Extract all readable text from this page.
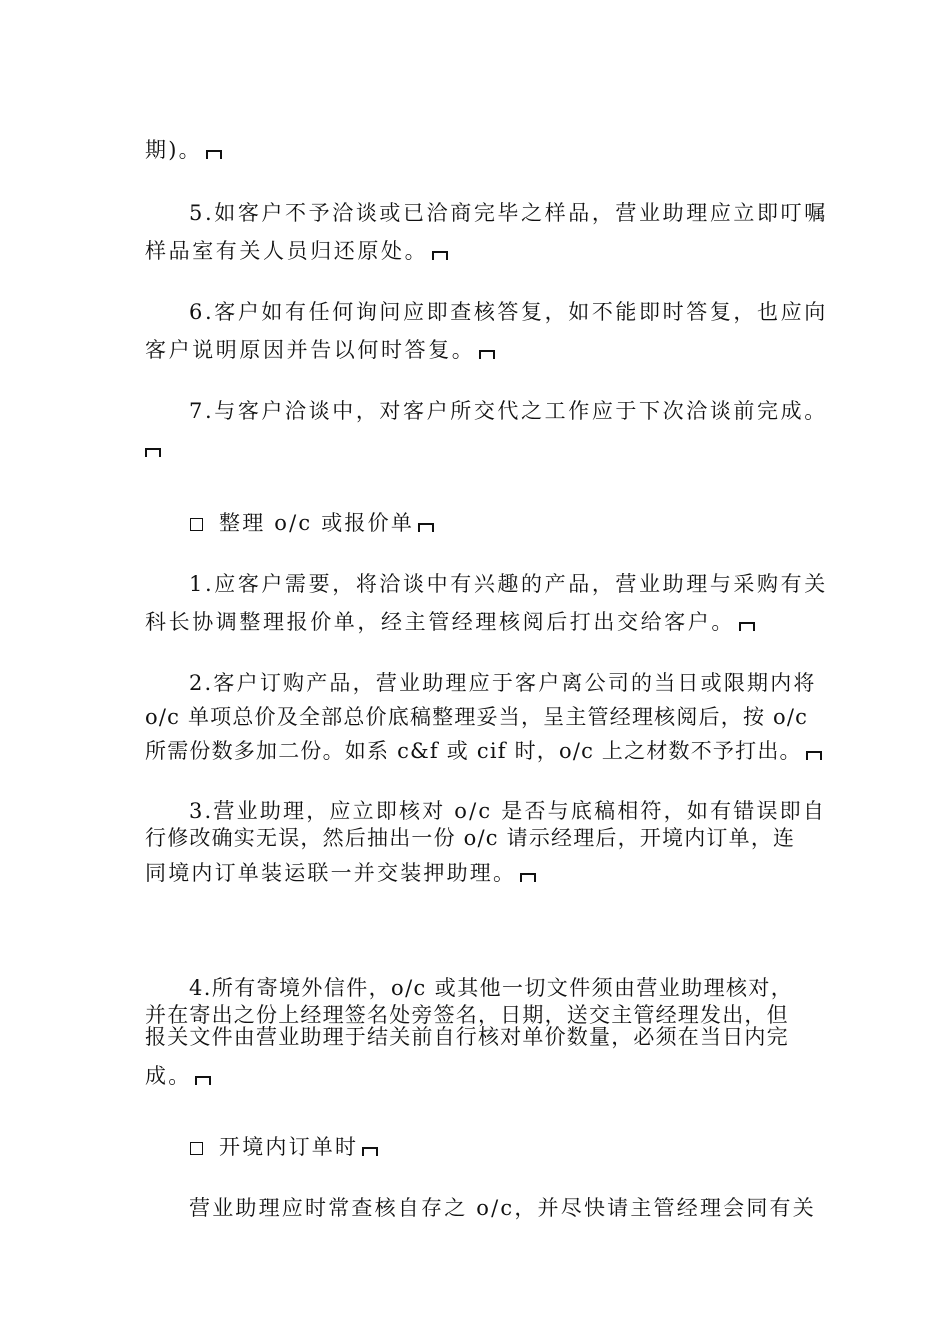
期)。
5.如客户不予洽谈或已洽商完毕之样品，营业助理应立即叮嘱
样品室有关人员归还原处。
6.客户如有任何询问应即查核答复，如不能即时答复，也应向
客户说明原因并告以何时答复。
7.与客户洽谈中，对客户所交代之工作应于下次洽谈前完成。
整理 o/c 或报价单
1.应客户需要，将洽谈中有兴趣的产品，营业助理与采购有关
科长协调整理报价单，经主管经理核阅后打出交给客户。
2.客户订购产品，营业助理应于客户离公司的当日或限期内将
o/c 单项总价及全部总价底稿整理妥当，呈主管经理核阅后，按 o/c
所需份数多加二份。如系 c&f 或 cif 时，o/c 上之材数不予打出。
3.营业助理，应立即核对 o/c 是否与底稿相符，如有错误即自
行修改确实无误，然后抽出一份 o/c 请示经理后，开境内订单，连
同境内订单装运联一并交装押助理。
4.所有寄境外信件，o/c 或其他一切文件须由营业助理核对，
并在寄出之份上经理签名处旁签名，日期，送交主管经理发出，但
报关文件由营业助理于结关前自行核对单价数量，必须在当日内完
成。
开境内订单时
营业助理应时常查核自存之 o/c，并尽快请主管经理会同有关
